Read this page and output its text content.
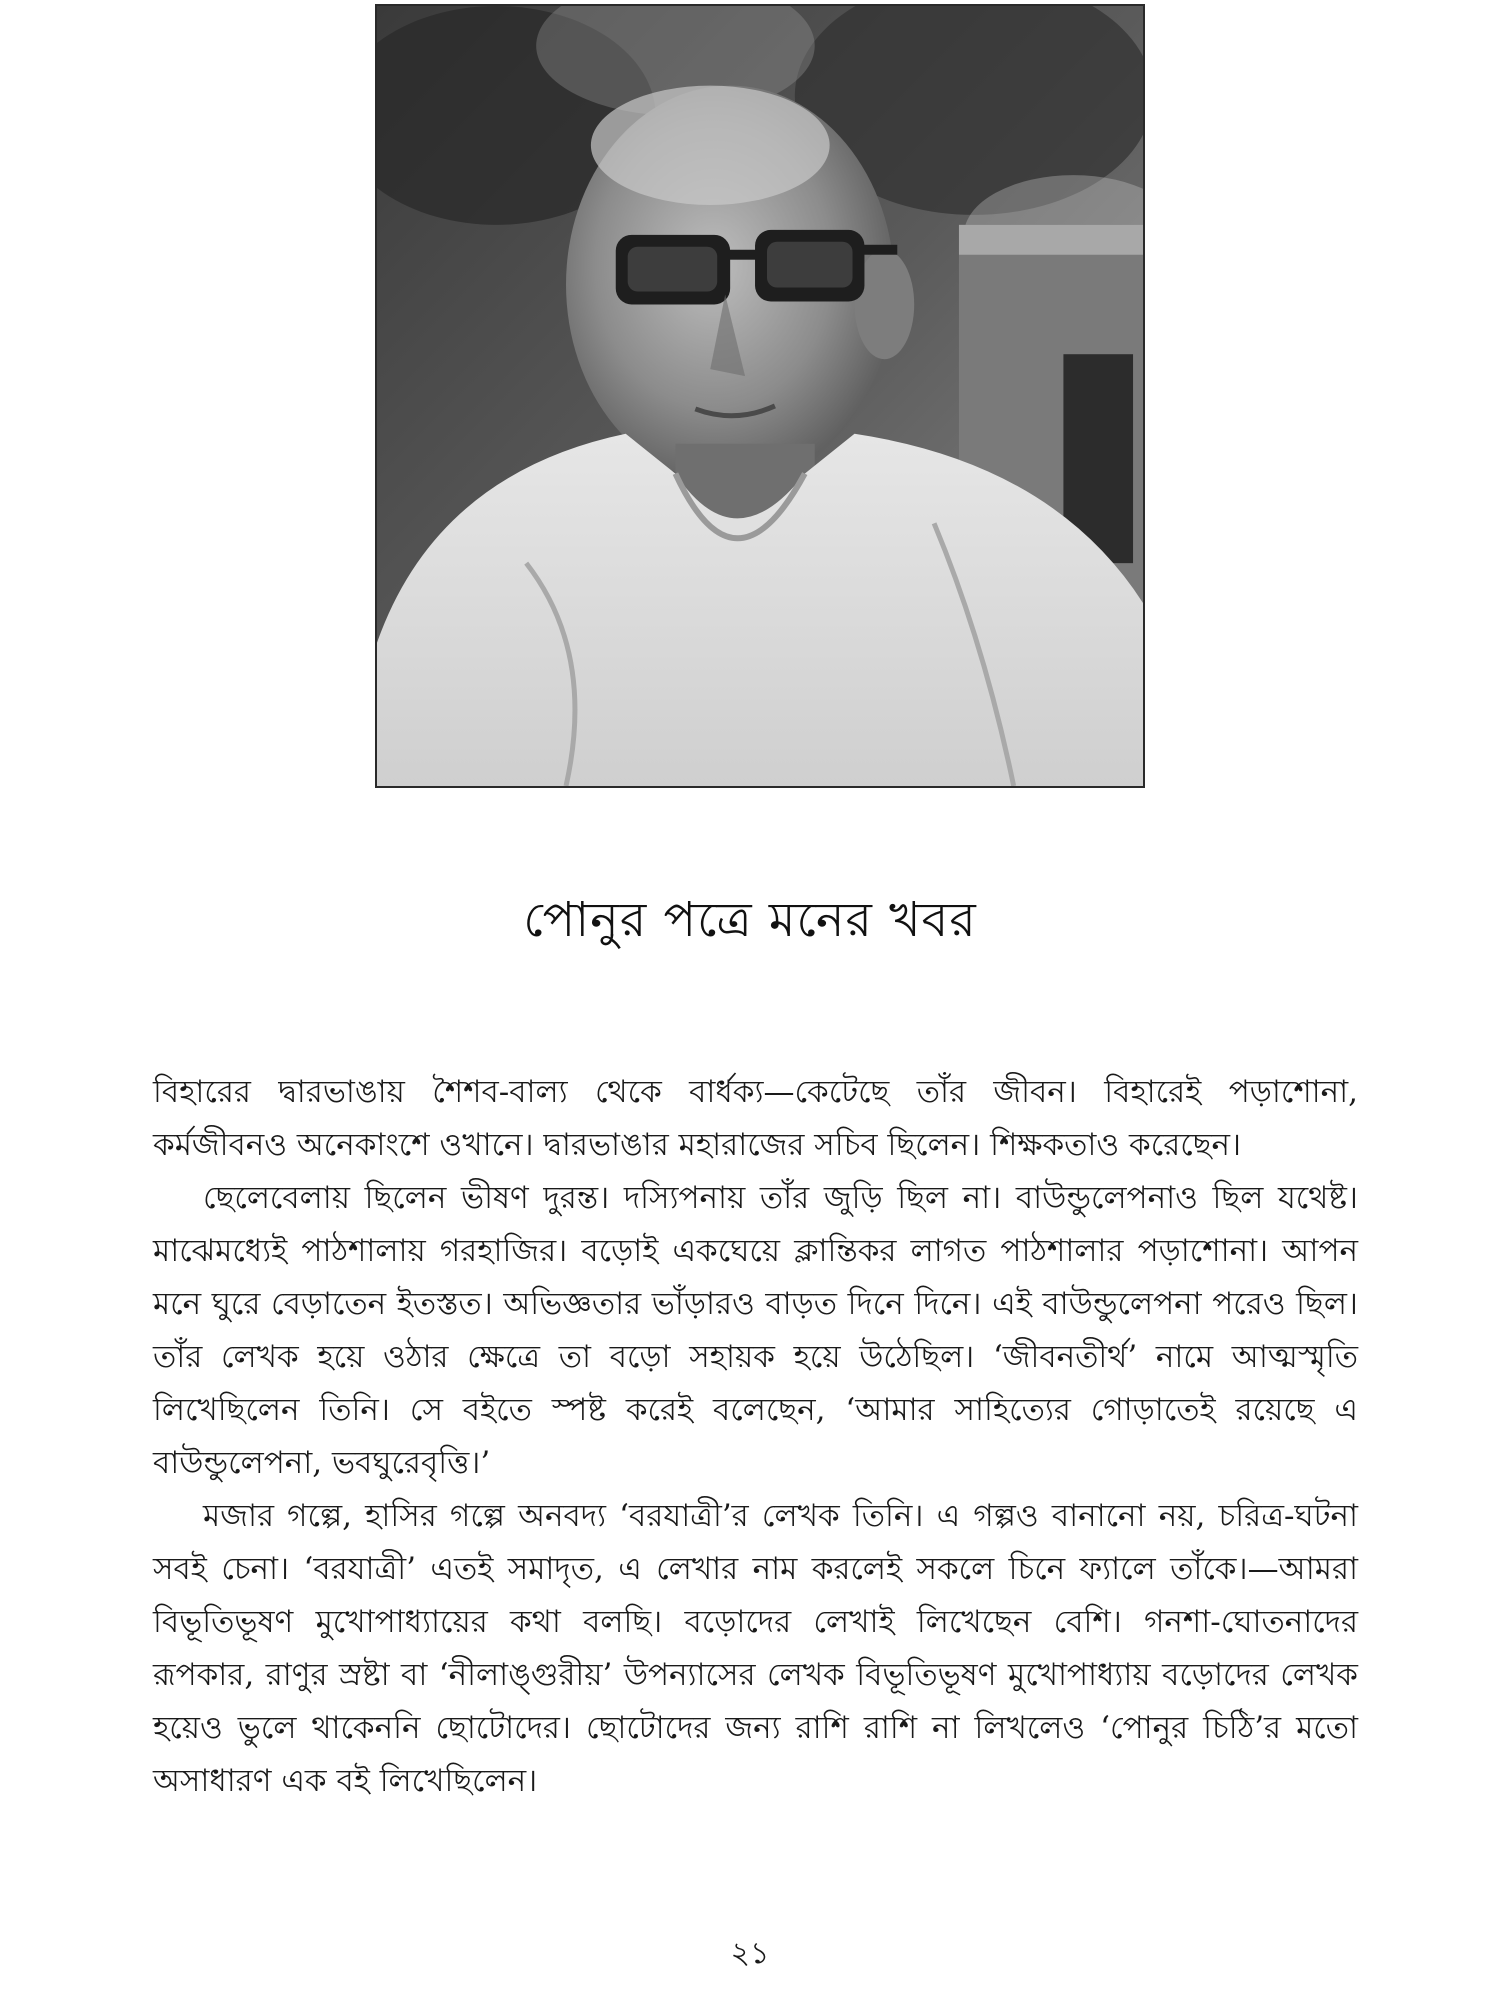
পোনুর পত্রে মনের খবর

বিহারের দ্বারভাঙায় শৈশব-বাল্য থেকে বার্ধক্য—কেটেছে তাঁর জীবন। বিহারেই পড়াশোনা, কর্মজীবনও অনেকাংশে ওখানে। দ্বারভাঙার মহারাজের সচিব ছিলেন। শিক্ষকতাও করেছেন।

ছেলেবেলায় ছিলেন ভীষণ দুরন্ত। দস্যিপনায় তাঁর জুড়ি ছিল না। বাউন্ডুলেপনাও ছিল যথেষ্ট। মাঝেমধ্যেই পাঠশালায় গরহাজির। বড়োই একঘেয়ে ক্লান্তিকর লাগত পাঠশালার পড়াশোনা। আপন মনে ঘুরে বেড়াতেন ইতস্তত। অভিজ্ঞতার ভাঁড়ারও বাড়ত দিনে দিনে। এই বাউন্ডুলেপনা পরেও ছিল। তাঁর লেখক হয়ে ওঠার ক্ষেত্রে তা বড়ো সহায়ক হয়ে উঠেছিল। ‘জীবনতীর্থ’ নামে আত্মস্মৃতি লিখেছিলেন তিনি। সে বইতে স্পষ্ট করেই বলেছেন, ‘আমার সাহিত্যের গোড়াতেই রয়েছে এ বাউন্ডুলেপনা, ভবঘুরেবৃত্তি।’

মজার গল্পে, হাসির গল্পে অনবদ্য ‘বরযাত্রী’র লেখক তিনি। এ গল্পও বানানো নয়, চরিত্র-ঘটনা সবই চেনা। ‘বরযাত্রী’ এতই সমাদৃত, এ লেখার নাম করলেই সকলে চিনে ফ্যালে তাঁকে।—আমরা বিভূতিভূষণ মুখোপাধ্যায়ের কথা বলছি। বড়োদের লেখাই লিখেছেন বেশি। গনশা-ঘোতনাদের রূপকার, রাণুর স্রষ্টা বা ‘নীলাঙ্গুরীয়’ উপন্যাসের লেখক বিভূতিভূষণ মুখোপাধ্যায় বড়োদের লেখক হয়েও ভুলে থাকেননি ছোটোদের। ছোটোদের জন্য রাশি রাশি না লিখলেও ‘পোনুর চিঠি’র মতো অসাধারণ এক বই লিখেছিলেন।

২১
